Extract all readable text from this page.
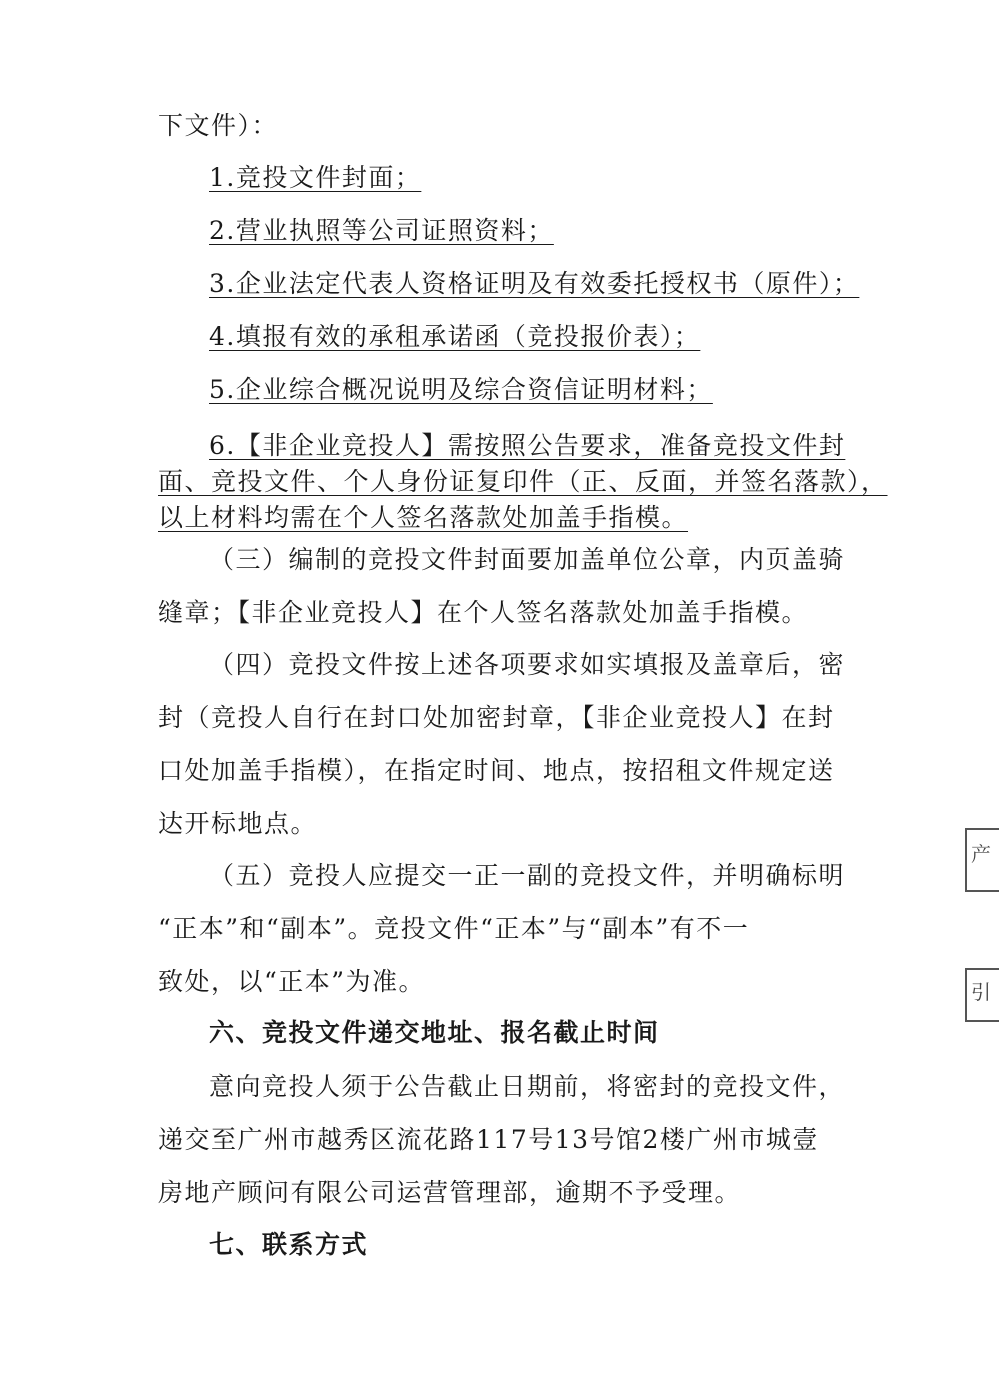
下文件）：
1.竞投文件封面；
2.营业执照等公司证照资料；
3.企业法定代表人资格证明及有效委托授权书（原件）；
4.填报有效的承租承诺函（竞投报价表）；
5.企业综合概况说明及综合资信证明材料；
6.【非企业竞投人】需按照公告要求，准备竞投文件封
面、竞投文件、个人身份证复印件（正、反面，并签名落款），
以上材料均需在个人签名落款处加盖手指模。
（三）编制的竞投文件封面要加盖单位公章，内页盖骑
缝章；【非企业竞投人】在个人签名落款处加盖手指模。
（四）竞投文件按上述各项要求如实填报及盖章后，密
封（竞投人自行在封口处加密封章，【非企业竞投人】在封
口处加盖手指模），在指定时间、地点，按招租文件规定送
达开标地点。
（五）竞投人应提交一正一副的竞投文件，并明确标明
“正本”和“副本”。竞投文件“正本”与“副本”有不一
致处，以“正本”为准。
六、竞投文件递交地址、报名截止时间
意向竞投人须于公告截止日期前，将密封的竞投文件，
递交至广州市越秀区流花路117号13号馆2楼广州市城壹
房地产顾问有限公司运营管理部，逾期不予受理。
七、联系方式
产
引
